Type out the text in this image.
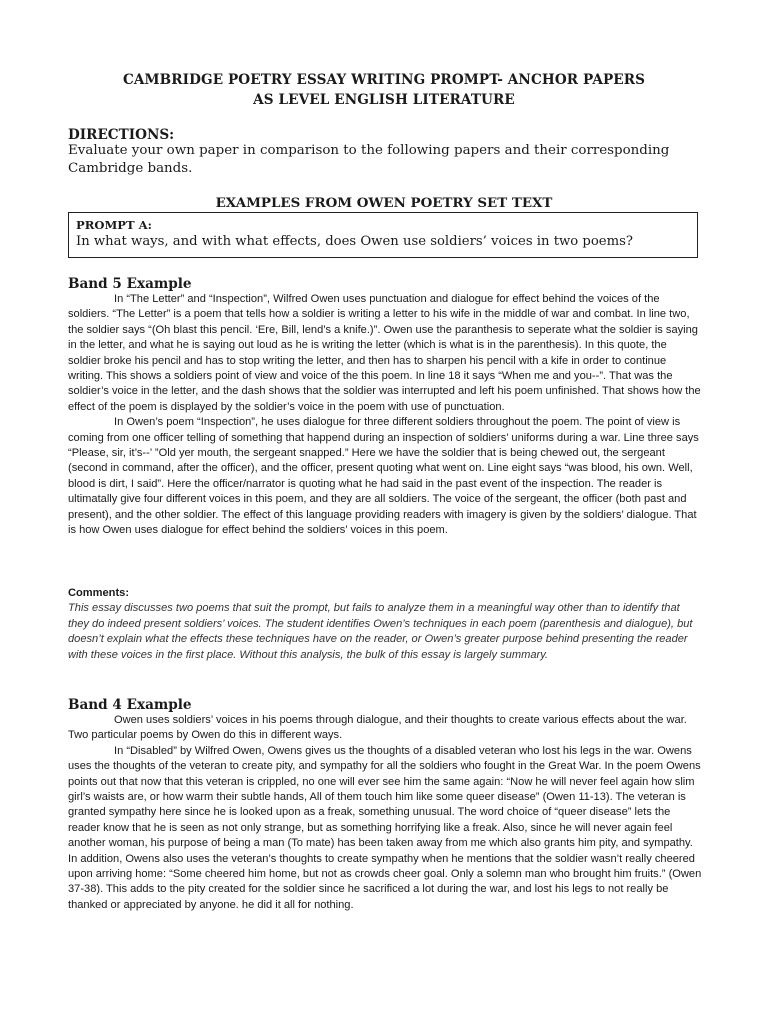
CAMBRIDGE POETRY ESSAY WRITING PROMPT- ANCHOR PAPERS
AS LEVEL ENGLISH LITERATURE
DIRECTIONS:
Evaluate your own paper in comparison to the following papers and their corresponding Cambridge bands.
EXAMPLES FROM OWEN POETRY SET TEXT
PROMPT A:
In what ways, and with what effects, does Owen use soldiers’ voices in two poems?
Band 5 Example

In “The Letter” and “Inspection”, Wilfred Owen uses punctuation and dialogue for effect behind the voices of the soldiers. “The Letter” is a poem that tells how a soldier is writing a letter to his wife in the middle of war and combat. In line two, the soldier says “(Oh blast this pencil. ‘Ere, Bill, lend’s a knife.)”. Owen use the paranthesis to seperate what the soldier is saying in the letter, and what he is saying out loud as he is writing the letter (which is what is in the parenthesis). In this quote, the soldier broke his pencil and has to stop writing the letter, and then has to sharpen his pencil with a kife in order to continue writing. This shows a soldiers point of view and voice of the this poem. In line 18 it says “When me and you--”. That was the soldier’s voice in the letter, and the dash shows that the soldier was interrupted and left his poem unfinished. That shows how the effect of the poem is displayed by the soldier’s voice in the poem with use of punctuation.

In Owen’s poem “Inspection”, he uses dialogue for three different soldiers throughout the poem. The point of view is coming from one officer telling of something that happend during an inspection of soldiers’ uniforms during a war. Line three says “Please, sir, it’s--’ ”Old yer mouth, the sergeant snapped.” Here we have the soldier that is being chewed out, the sergeant (second in command, after the officer), and the officer, present quoting what went on. Line eight says “was blood, his own. Well, blood is dirt, I said”. Here the officer/narrator is quoting what he had said in the past event of the inspection. The reader is ultimatally give four different voices in this poem, and they are all soldiers. The voice of the sergeant, the officer (both past and present), and the other soldier. The effect of this language providing readers with imagery is given by the soldiers’ dialogue. That is how Owen uses dialogue for effect behind the soldiers’ voices in this poem.

Comments:
This essay discusses two poems that suit the prompt, but fails to analyze them in a meaningful way other than to identify that they do indeed present soldiers’ voices. The student identifies Owen’s techniques in each poem (parenthesis and dialogue), but doesn’t explain what the effects these techniques have on the reader, or Owen’s greater purpose behind presenting the reader with these voices in the first place. Without this analysis, the bulk of this essay is largely summary.
Band 4 Example

Owen uses soldiers’ voices in his poems through dialogue, and their thoughts to create various effects about the war. Two particular poems by Owen do this in different ways.

In “Disabled” by Wilfred Owen, Owens gives us the thoughts of a disabled veteran who lost his legs in the war. Owens uses the thoughts of the veteran to create pity, and sympathy for all the soldiers who fought in the Great War. In the poem Owens points out that now that this veteran is crippled, no one will ever see him the same again: “Now he will never feel again how slim girl’s waists are, or how warm their subtle hands, All of them touch him like some queer disease” (Owen 11-13). The veteran is granted sympathy here since he is looked upon as a freak, something unusual. The word choice of “queer disease” lets the reader know that he is seen as not only strange, but as something horrifying like a freak. Also, since he will never again feel another woman, his purpose of being a man (To mate) has been taken away from me which also grants him pity, and sympathy. In addition, Owens also uses the veteran’s thoughts to create sympathy when he mentions that the soldier wasn’t really cheered upon arriving home: “Some cheered him home, but not as crowds cheer goal. Only a solemn man who brought him fruits.” (Owen 37-38). This adds to the pity created for the soldier since he sacrificed a lot during the war, and lost his legs to not really be thanked or appreciated by anyone. he did it all for nothing.
